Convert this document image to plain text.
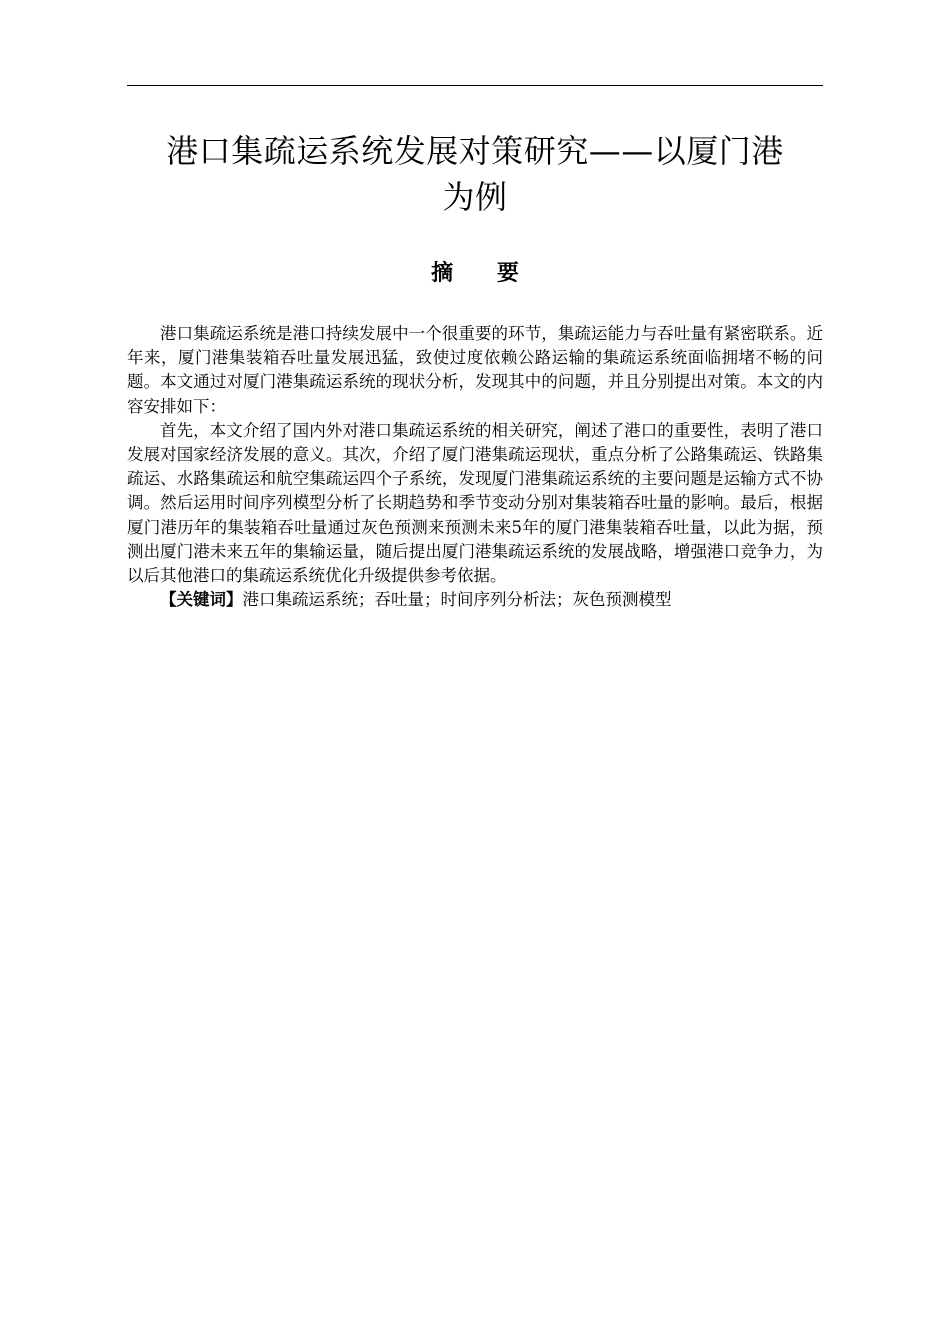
港口集疏运系统发展对策研究——以厦门港
为例
摘 要

港口集疏运系统是港口持续发展中一个很重要的环节，集疏运能力与吞吐量有紧密联系。近年来，厦门港集装箱吞吐量发展迅猛，致使过度依赖公路运输的集疏运系统面临拥堵不畅的问题。本文通过对厦门港集疏运系统的现状分析，发现其中的问题，并且分别提出对策。本文的内容安排如下：

首先，本文介绍了国内外对港口集疏运系统的相关研究，阐述了港口的重要性，表明了港口发展对国家经济发展的意义。其次，介绍了厦门港集疏运现状，重点分析了公路集疏运、铁路集疏运、水路集疏运和航空集疏运四个子系统，发现厦门港集疏运系统的主要问题是运输方式不协调。然后运用时间序列模型分析了长期趋势和季节变动分别对集装箱吞吐量的影响。最后，根据厦门港历年的集装箱吞吐量通过灰色预测来预测未来5年的厦门港集装箱吞吐量，以此为据，预测出厦门港未来五年的集输运量，随后提出厦门港集疏运系统的发展战略，增强港口竞争力，为以后其他港口的集疏运系统优化升级提供参考依据。

【关键词】港口集疏运系统；吞吐量；时间序列分析法；灰色预测模型
